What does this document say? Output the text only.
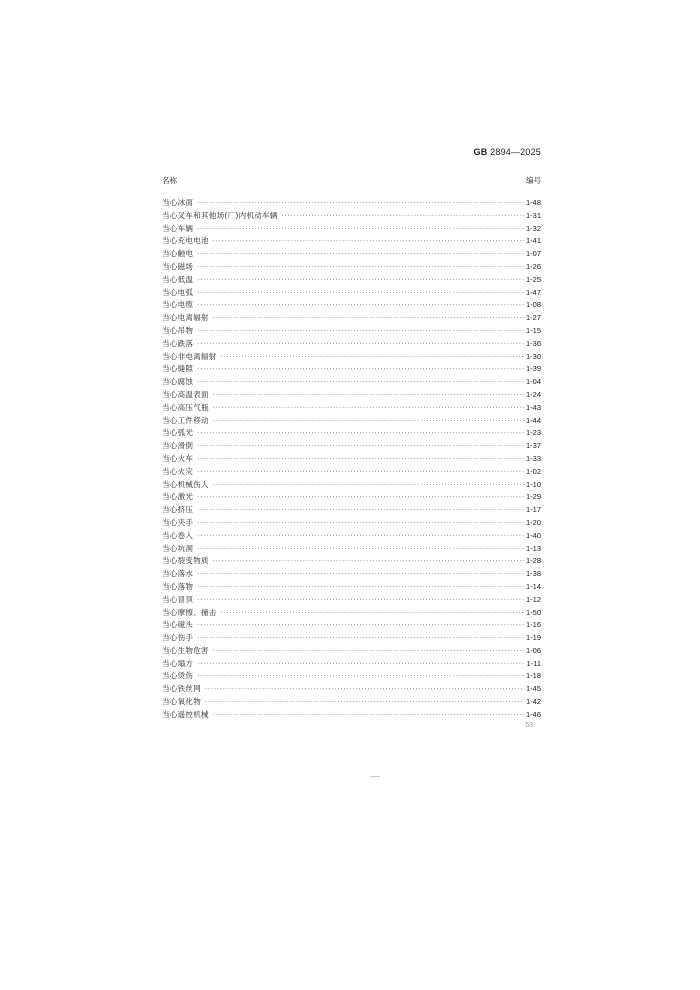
GB 2894—2025
名称	编号
当心冰面 ·····	1-48
当心叉车和其他场(厂)内机动车辆 ·····	1-31
当心车辆 ·····	1-32
当心充电电池 ·····	1-41
当心触电 ·····	1-07
当心磁场 ·····	1-26
当心低温 ·····	1-25
当心电弧 ·····	1-47
当心电缆 ·····	1-08
当心电离辐射 ·····	1-27
当心吊物 ·····	1-15
当心跌落 ·····	1-36
当心非电离辐射 ·····	1-30
当心缝隙 ·····	1-39
当心腐蚀 ·····	1-04
当心高温表面 ·····	1-24
当心高压气瓶 ·····	1-43
当心工件移动 ·····	1-44
当心弧光 ·····	1-23
当心滑倒 ·····	1-37
当心火车 ·····	1-33
当心火灾 ·····	1-02
当心机械伤人 ·····	1-10
当心激光 ·····	1-29
当心挤压 ·····	1-17
当心夹手 ·····	1-20
当心卷入 ·····	1-40
当心坑洞 ·····	1-13
当心裂变物质 ·····	1-28
当心落水 ·····	1-38
当心落物 ·····	1-14
当心冒顶 ·····	1-12
当心摩擦、撞击 ·····	1-50
当心碰头 ·····	1-16
当心伤手 ·····	1-19
当心生物危害 ·····	1-06
当心塌方 ·····	1-11
当心烫伤 ·····	1-18
当心铁丝网 ·····	1-45
当心氧化物 ·····	1-42
当心遥控机械 ·····	1-46
53
